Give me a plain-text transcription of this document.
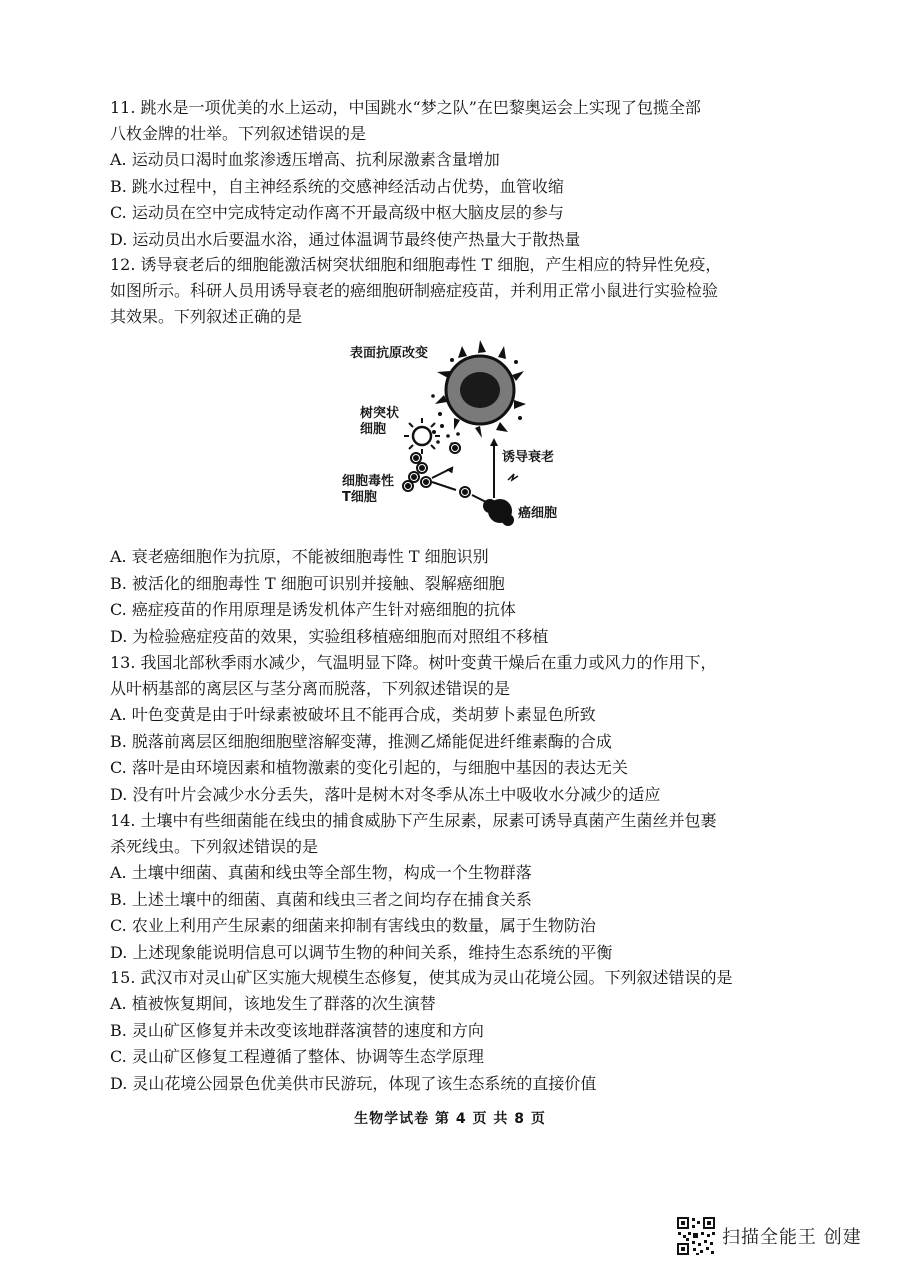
11. 跳水是一项优美的水上运动，中国跳水“梦之队”在巴黎奥运会上实现了包揽全部
八枚金牌的壮举。下列叙述错误的是
A. 运动员口渴时血浆渗透压增高、抗利尿激素含量增加
B. 跳水过程中，自主神经系统的交感神经活动占优势，血管收缩
C. 运动员在空中完成特定动作离不开最高级中枢大脑皮层的参与
D. 运动员出水后要温水浴，通过体温调节最终使产热量大于散热量
12. 诱导衰老后的细胞能激活树突状细胞和细胞毒性 T 细胞，产生相应的特异性免疫，
如图所示。科研人员用诱导衰老的癌细胞研制癌症疫苗，并利用正常小鼠进行实验检验
其效果。下列叙述正确的是
表面抗原改变
树突状
细胞
诱导衰老
细胞毒性
T细胞
癌细胞
A. 衰老癌细胞作为抗原，不能被细胞毒性 T 细胞识别
B. 被活化的细胞毒性 T 细胞可识别并接触、裂解癌细胞
C. 癌症疫苗的作用原理是诱发机体产生针对癌细胞的抗体
D. 为检验癌症疫苗的效果，实验组移植癌细胞而对照组不移植
13. 我国北部秋季雨水减少，气温明显下降。树叶变黄干燥后在重力或风力的作用下，
从叶柄基部的离层区与茎分离而脱落，下列叙述错误的是
A. 叶色变黄是由于叶绿素被破坏且不能再合成，类胡萝卜素显色所致
B. 脱落前离层区细胞细胞壁溶解变薄，推测乙烯能促进纤维素酶的合成
C. 落叶是由环境因素和植物激素的变化引起的，与细胞中基因的表达无关
D. 没有叶片会减少水分丢失，落叶是树木对冬季从冻土中吸收水分减少的适应
14. 土壤中有些细菌能在线虫的捕食威胁下产生尿素，尿素可诱导真菌产生菌丝并包裹
杀死线虫。下列叙述错误的是
A. 土壤中细菌、真菌和线虫等全部生物，构成一个生物群落
B. 上述土壤中的细菌、真菌和线虫三者之间均存在捕食关系
C. 农业上利用产生尿素的细菌来抑制有害线虫的数量，属于生物防治
D. 上述现象能说明信息可以调节生物的种间关系，维持生态系统的平衡
15. 武汉市对灵山矿区实施大规模生态修复，使其成为灵山花境公园。下列叙述错误的是
A. 植被恢复期间，该地发生了群落的次生演替
B. 灵山矿区修复并未改变该地群落演替的速度和方向
C. 灵山矿区修复工程遵循了整体、协调等生态学原理
D. 灵山花境公园景色优美供市民游玩，体现了该生态系统的直接价值
生物学试卷 第 4 页 共 8 页
扫描全能王 创建
